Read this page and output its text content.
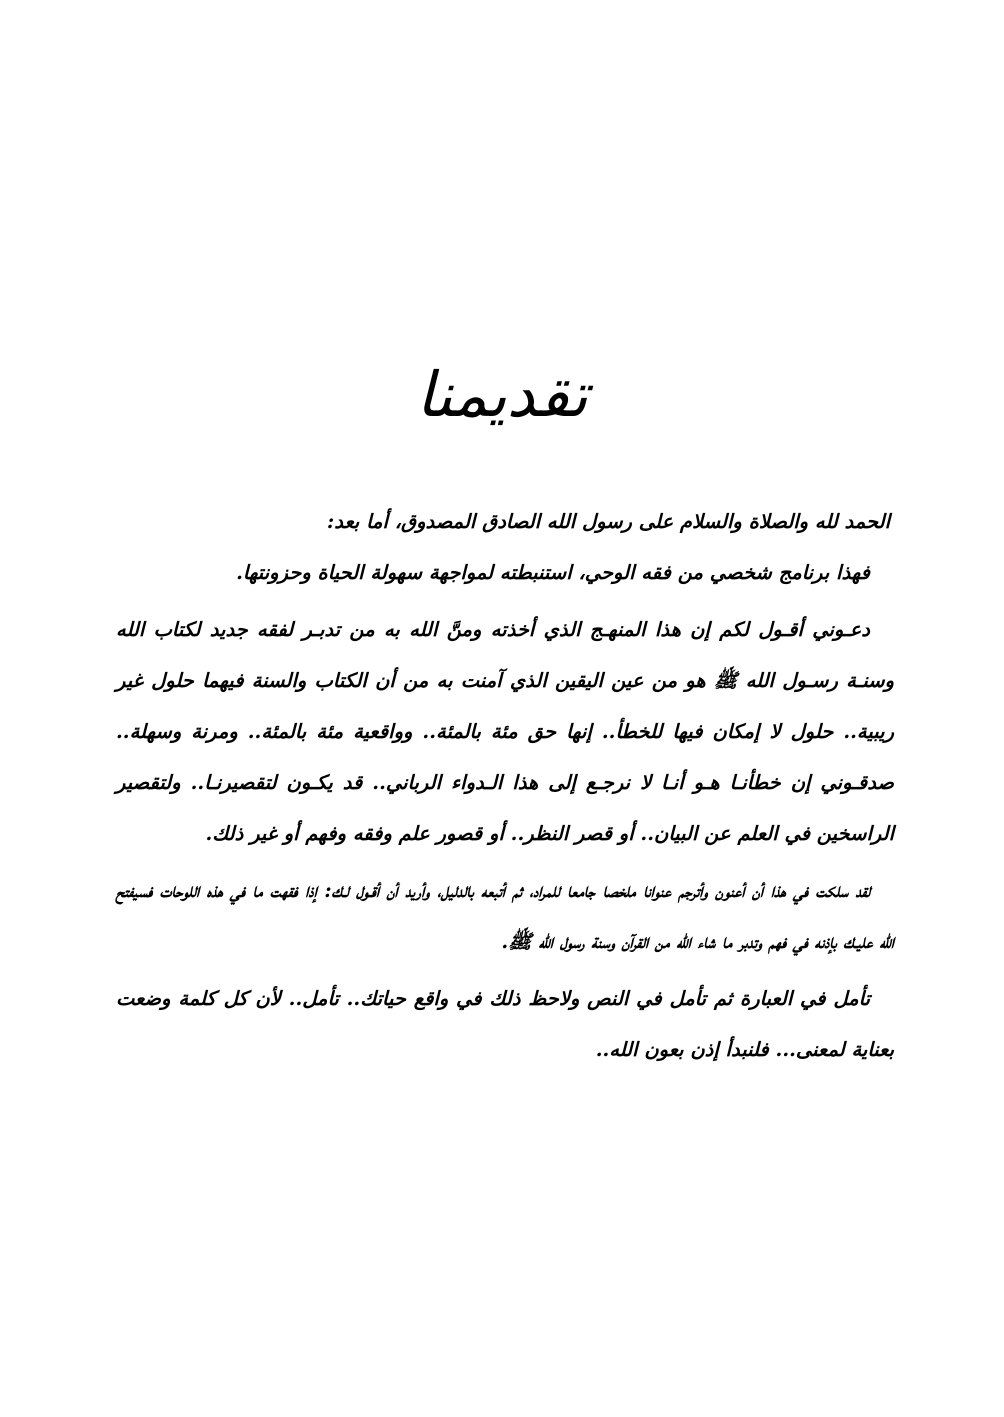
تقديمنا

الحمد لله والصلاة والسلام على رسول الله الصادق المصدوق، أما بعد:

فهذا برنامج شخصي من فقه الوحي، استنبطته لمواجهة سهولة الحياة وحزونتها.

دعـوني أقـول لكم إن هذا المنهـج الذي أخذته ومنَّ الله به من تدبـر لفقه جديد لكتاب الله وسنـة رسـول الله ﷺ هو من عين اليقين الذي آمنت به من أن الكتاب والسنة فيهما حلول غير ريبية.. حلول لا إمكان فيها للخطأ.. إنها حق مئة بالمئة.. وواقعية مئة بالمئة.. ومرنة وسهلة.. صدقـوني إن خطأنـا هـو أنـا لا نرجـع إلى هذا الـدواء الرباني.. قد يكـون لتقصيرنـا.. ولتقصير الراسخين في العلم عن البيان.. أو قصر النظر.. أو قصور علم وفقه وفهم أو غير ذلك.

لقد سلكت في هذا أن أعنون وأترجم عنوانا ملخصا جامعا للمراد، ثم أتبعه بالدليل، وأريد أن أقـول لـك: إذا فقهت ما في هذه اللوحات فسيفتح الله عليـك بإذنه في فهم وتدبر ما شاء الله من القرآن وسنة رسول الله ﷺ.

تأمل في العبارة ثم تأمل في النص ولاحظ ذلك في واقع حياتك.. تأمل.. لأن كل كلمة وضعت بعناية لمعنى... فلنبدأ إذن بعون الله..
